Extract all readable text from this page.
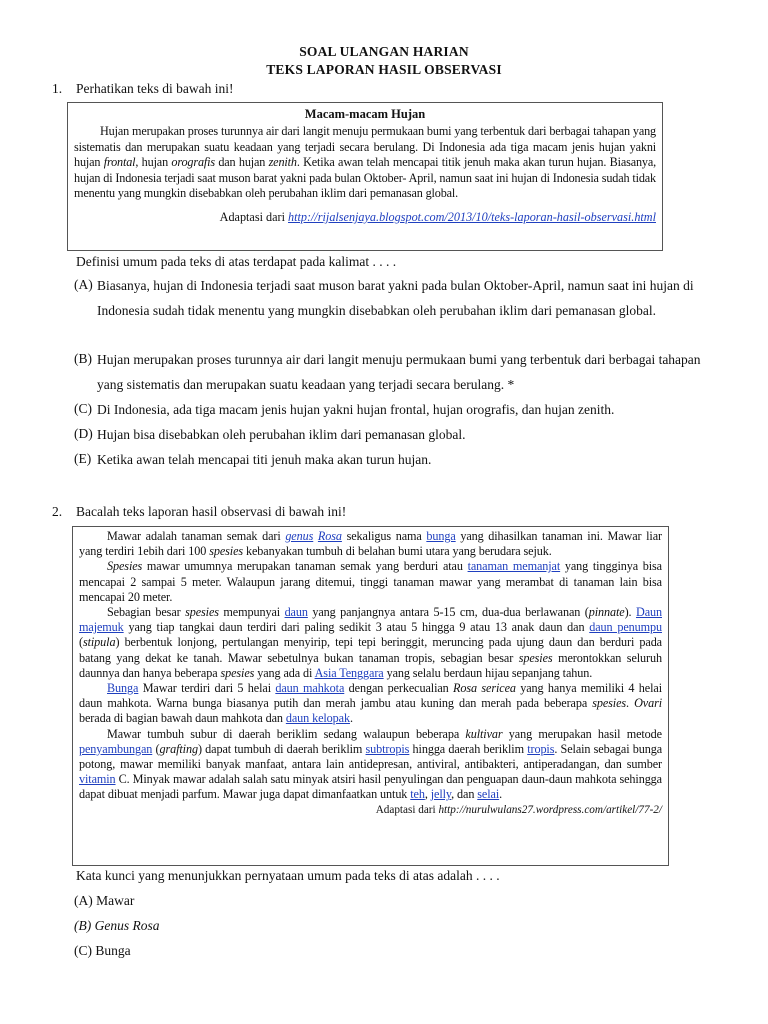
SOAL ULANGAN HARIAN
TEKS LAPORAN HASIL OBSERVASI
1. Perhatikan teks di bawah ini!
Macam-macam Hujan

Hujan merupakan proses turunnya air dari langit menuju permukaan bumi yang terbentuk dari berbagai tahapan yang sistematis dan merupakan suatu keadaan yang terjadi secara berulang. Di Indonesia ada tiga macam jenis hujan yakni hujan frontal, hujan orografis dan hujan zenith. Ketika awan telah mencapai titik jenuh maka akan turun hujan. Biasanya, hujan di Indonesia terjadi saat muson barat yakni pada bulan Oktober- April, namun saat ini hujan di Indonesia sudah tidak menentu yang mungkin disebabkan oleh perubahan iklim dari pemanasan global.

Adaptasi dari http://rijalsenjaya.blogspot.com/2013/10/teks-laporan-hasil-observasi.html
Definisi umum pada teks di atas terdapat pada kalimat . . . .
(A) Biasanya, hujan di Indonesia terjadi saat muson barat yakni pada bulan Oktober-April, namun saat ini hujan di Indonesia sudah tidak menentu yang mungkin disebabkan oleh perubahan iklim dari pemanasan global.
(B) Hujan merupakan proses turunnya air dari langit menuju permukaan bumi yang terbentuk dari berbagai tahapan yang sistematis dan merupakan suatu keadaan yang terjadi secara berulang. *
(C) Di Indonesia, ada tiga macam jenis hujan yakni hujan frontal, hujan orografis, dan hujan zenith.
(D) Hujan bisa disebabkan oleh perubahan iklim dari pemanasan global.
(E) Ketika awan telah mencapai titi jenuh maka akan turun hujan.
2. Bacalah teks laporan hasil observasi di bawah ini!

Mawar adalah tanaman semak dari genus Rosa sekaligus nama bunga yang dihasilkan tanaman ini. Mawar liar yang terdiri 1ebih dari 100 spesies kebanyakan tumbuh di belahan bumi utara yang berudara sejuk.

Spesies mawar umumnya merupakan tanaman semak yang berduri atau tanaman memanjat yang tingginya bisa mencapai 2 sampai 5 meter. Walaupun jarang ditemui, tinggi tanaman mawar yang merambat di tanaman lain bisa mencapai 20 meter.

Sebagian besar spesies mempunyai daun yang panjangnya antara 5-15 cm, dua-dua berlawanan (pinnate). Daun majemuk yang tiap tangkai daun terdiri dari paling sedikit 3 atau 5 hingga 9 atau 13 anak daun dan daun penumpu (stipula) berbentuk lonjong, pertulangan menyirip, tepi tepi beringgit, meruncing pada ujung daun dan berduri pada batang yang dekat ke tanah. Mawar sebetulnya bukan tanaman tropis, sebagian besar spesies merontokkan seluruh daunnya dan hanya beberapa spesies yang ada di Asia Tenggara yang selalu berdaun hijau sepanjang tahun.

Bunga Mawar terdiri dari 5 helai daun mahkota dengan perkecualian Rosa sericea yang hanya memiliki 4 helai daun mahkota. Warna bunga biasanya putih dan merah jambu atau kuning dan merah pada beberapa spesies. Ovari berada di bagian bawah daun mahkota dan daun kelopak.

Mawar tumbuh subur di daerah beriklim sedang walaupun beberapa kultivar yang merupakan hasil metode penyambungan (grafting) dapat tumbuh di daerah beriklim subtropis hingga daerah beriklim tropis. Selain sebagai bunga potong, mawar memiliki banyak manfaat, antara lain antidepresan, antiviral, antibakteri, antiperadangan, dan sumber vitamin C. Minyak mawar adalah salah satu minyak atsiri hasil penyulingan dan penguapan daun-daun mahkota sehingga dapat dibuat menjadi parfum. Mawar juga dapat dimanfaatkan untuk teh, jelly, dan selai.

Adaptasi dari http://nurulwulans27.wordpress.com/artikel/77-2/
Kata kunci yang menunjukkan pernyataan umum pada teks di atas adalah . . . .
(A) Mawar
(B) Genus Rosa
(C) Bunga
